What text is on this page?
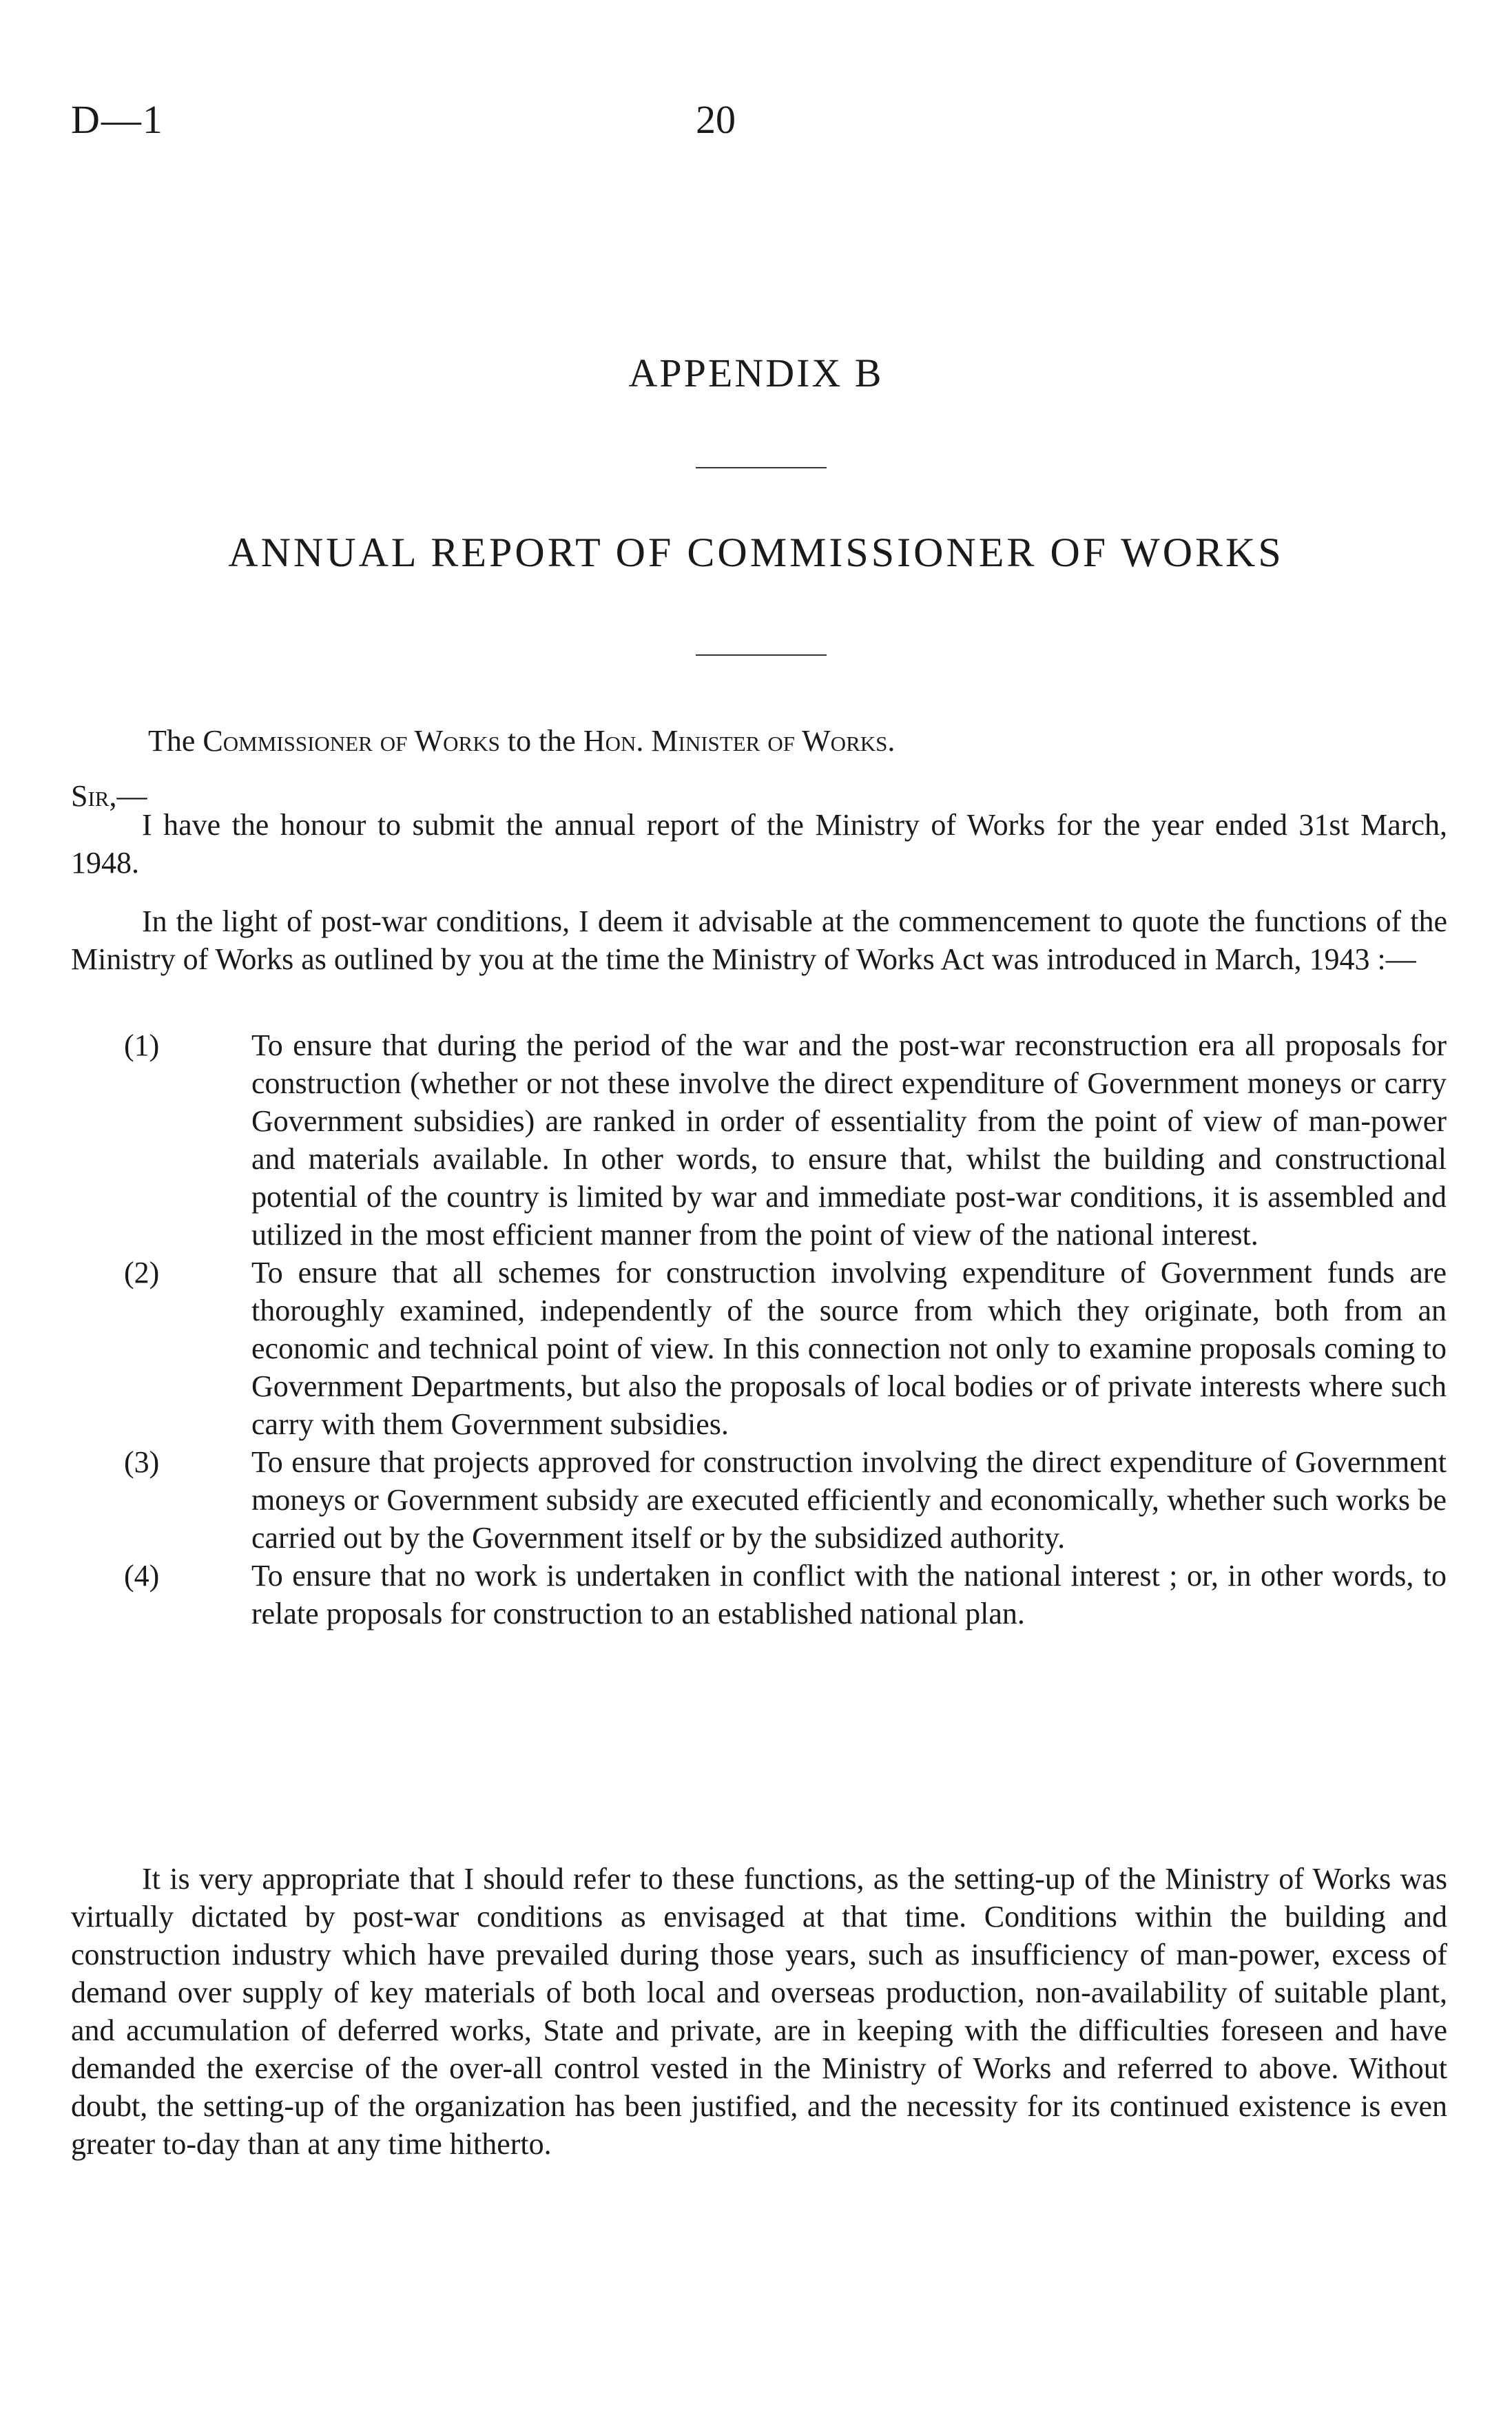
D—1	20
APPENDIX B
ANNUAL REPORT OF COMMISSIONER OF WORKS
The Commissioner of Works to the Hon. Minister of Works.
Sir,—
I have the honour to submit the annual report of the Ministry of Works for the year ended 31st March, 1948.
In the light of post-war conditions, I deem it advisable at the commencement to quote the functions of the Ministry of Works as outlined by you at the time the Ministry of Works Act was introduced in March, 1943 :—
(1)	To ensure that during the period of the war and the post-war reconstruction era all proposals for construction (whether or not these involve the direct expenditure of Government moneys or carry Government subsidies) are ranked in order of essentiality from the point of view of man-power and materials available. In other words, to ensure that, whilst the building and constructional potential of the country is limited by war and immediate post-war conditions, it is assembled and utilized in the most efficient manner from the point of view of the national interest.
(2)	To ensure that all schemes for construction involving expenditure of Government funds are thoroughly examined, independently of the source from which they originate, both from an economic and technical point of view. In this connection not only to examine proposals coming to Government Departments, but also the proposals of local bodies or of private interests where such carry with them Government subsidies.
(3)	To ensure that projects approved for construction involving the direct expenditure of Government moneys or Government subsidy are executed efficiently and economically, whether such works be carried out by the Government itself or by the subsidized authority.
(4)	To ensure that no work is undertaken in conflict with the national interest ; or, in other words, to relate proposals for construction to an established national plan.
It is very appropriate that I should refer to these functions, as the setting-up of the Ministry of Works was virtually dictated by post-war conditions as envisaged at that time. Conditions within the building and construction industry which have prevailed during those years, such as insufficiency of man-power, excess of demand over supply of key materials of both local and overseas production, non-availability of suitable plant, and accumulation of deferred works, State and private, are in keeping with the difficulties foreseen and have demanded the exercise of the over-all control vested in the Ministry of Works and referred to above. Without doubt, the setting-up of the organization has been justified, and the necessity for its continued existence is even greater to-day than at any time hitherto.
